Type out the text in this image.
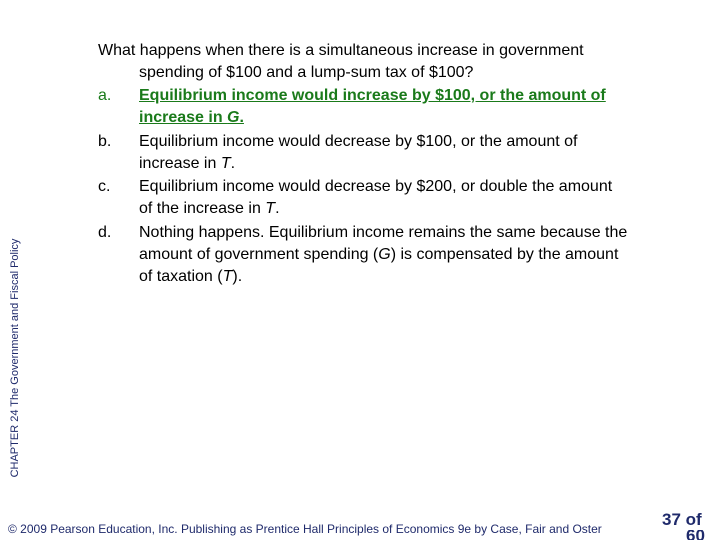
CHAPTER 24 The Government and Fiscal Policy

What happens when there is a simultaneous increase in government spending of $100 and a lump-sum tax of $100?

a.	Equilibrium income would increase by $100, or the amount of increase in G.
b.	Equilibrium income would decrease by $100, or the amount of increase in T.
c.	Equilibrium income would decrease by $200, or double the amount of the increase in T.
d.	Nothing happens. Equilibrium income remains the same because the amount of government spending (G) is compensated by the amount of taxation (T).
© 2009 Pearson Education, Inc. Publishing as Prentice Hall Principles of Economics 9e by Case, Fair and Oster	37 of
60
